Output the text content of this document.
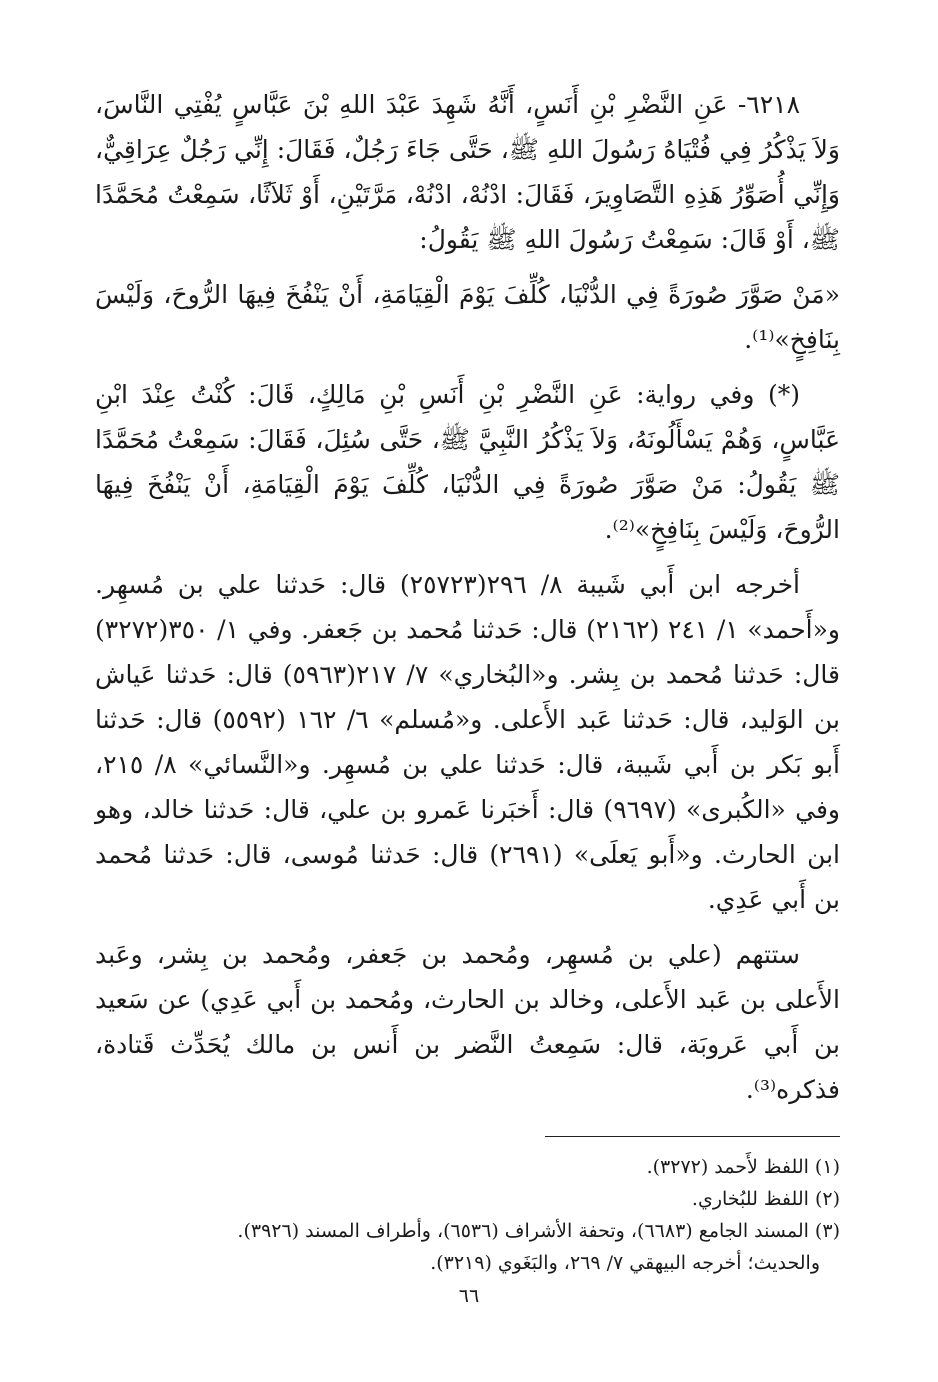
٦٢١٨- عَنِ النَّضْرِ بْنِ أَنَسٍ، أَنَّهُ شَهِدَ عَبْدَ اللهِ بْنَ عَبَّاسٍ يُفْتِي النَّاسَ، وَلاَ يَذْكُرُ فِي فُتْيَاهُ رَسُولَ اللهِ ﷺ، حَتَّى جَاءَ رَجُلٌ، فَقَالَ: إِنِّي رَجُلٌ عِرَاقِيٌّ، وَإِنِّي أُصَوِّرُ هَذِهِ التَّصَاوِيرَ، فَقَالَ: ادْنُهْ، ادْنُهْ، مَرَّتَيْنِ، أَوْ ثَلاَثًا، سَمِعْتُ مُحَمَّدًا ﷺ، أَوْ قَالَ: سَمِعْتُ رَسُولَ اللهِ ﷺ يَقُولُ:

«مَنْ صَوَّرَ صُورَةً فِي الدُّنْيَا، كُلِّفَ يَوْمَ الْقِيَامَةِ، أَنْ يَنْفُخَ فِيهَا الرُّوحَ، وَلَيْسَ بِنَافِخٍ»⁽¹⁾.

(*) وفي رواية: عَنِ النَّضْرِ بْنِ أَنَسِ بْنِ مَالِكٍ، قَالَ: كُنْتُ عِنْدَ ابْنِ عَبَّاسٍ، وَهُمْ يَسْأَلُونَهُ، وَلاَ يَذْكُرُ النَّبِيَّ ﷺ، حَتَّى سُئِلَ، فَقَالَ: سَمِعْتُ مُحَمَّدًا ﷺ يَقُولُ: مَنْ صَوَّرَ صُورَةً فِي الدُّنْيَا، كُلِّفَ يَوْمَ الْقِيَامَةِ، أَنْ يَنْفُخَ فِيهَا الرُّوحَ، وَلَيْسَ بِنَافِخٍ»⁽²⁾.

أخرجه ابن أَبي شَيبة ٨/ ٢٩٦(٢٥٧٢٣) قال: حَدثنا علي بن مُسهِر. و«أَحمد» ١/ ٢٤١ (٢١٦٢) قال: حَدثنا مُحمد بن جَعفر. وفي ١/ ٣٥٠(٣٢٧٢) قال: حَدثنا مُحمد بن بِشر. و«البُخاري» ٧/ ٢١٧(٥٩٦٣) قال: حَدثنا عَياش بن الوَليد، قال: حَدثنا عَبد الأَعلى. و«مُسلم» ٦/ ١٦٢ (٥٥٩٢) قال: حَدثنا أَبو بَكر بن أَبي شَيبة، قال: حَدثنا علي بن مُسهِر. و«النَّسائي» ٨/ ٢١٥، وفي «الكُبرى» (٩٦٩٧) قال: أَخبَرنا عَمرو بن علي، قال: حَدثنا خالد، وهو ابن الحارث. و«أَبو يَعلَى» (٢٦٩١) قال: حَدثنا مُوسى، قال: حَدثنا مُحمد بن أَبي عَدِي.

ستتهم (علي بن مُسهِر، ومُحمد بن جَعفر، ومُحمد بن بِشر، وعَبد الأَعلى بن عَبد الأَعلى، وخالد بن الحارث، ومُحمد بن أَبي عَدِي) عن سَعيد بن أَبي عَروبَة، قال: سَمِعتُ النَّضر بن أَنس بن مالك يُحَدِّث قَتادة، فذكره⁽³⁾.

(١) اللفظ لأَحمد (٣٢٧٢).

(٢) اللفظ للبُخاري.

(٣) المسند الجامع (٦٦٨٣)، وتحفة الأشراف (٦٥٣٦)، وأطراف المسند (٣٩٢٦).

والحديث؛ أخرجه البيهقي ٧/ ٢٦٩، والبَغَوي (٣٢١٩).

٦٦
